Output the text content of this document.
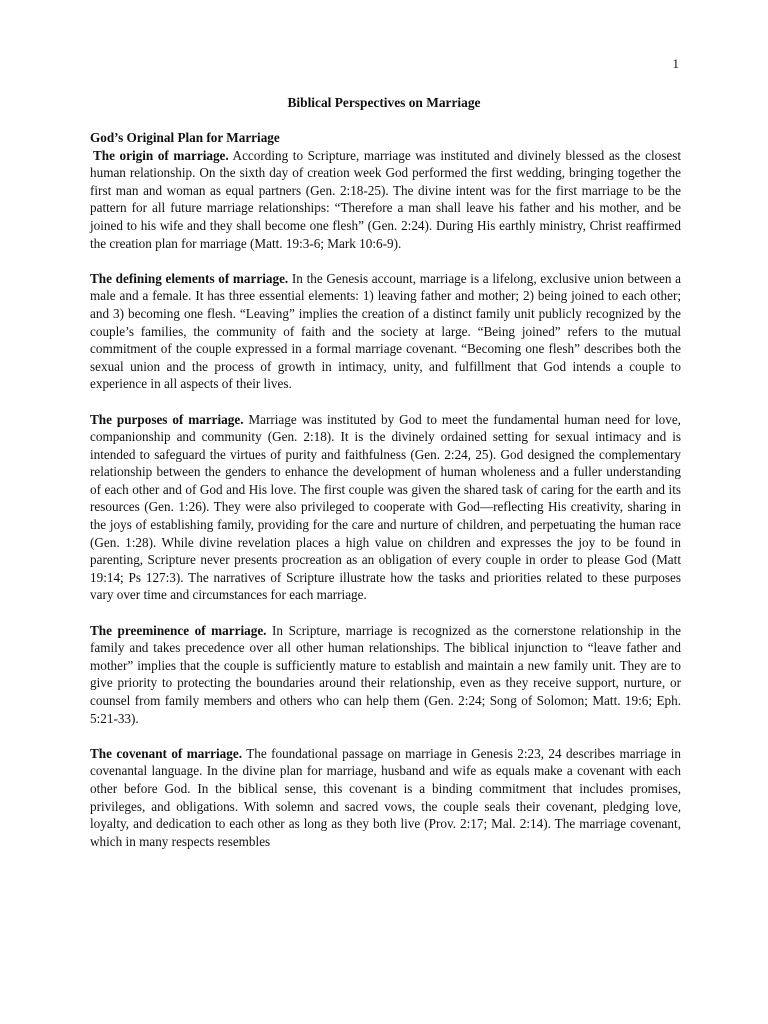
1
Biblical Perspectives on Marriage

God’s Original Plan for Marriage

The origin of marriage. According to Scripture, marriage was instituted and divinely blessed as the closest human relationship. On the sixth day of creation week God performed the first wedding, bringing together the first man and woman as equal partners (Gen. 2:18-25). The divine intent was for the first marriage to be the pattern for all future marriage relationships: “Therefore a man shall leave his father and his mother, and be joined to his wife and they shall become one flesh” (Gen. 2:24). During His earthly ministry, Christ reaffirmed the creation plan for marriage (Matt. 19:3-6; Mark 10:6-9).

The defining elements of marriage. In the Genesis account, marriage is a lifelong, exclusive union between a male and a female. It has three essential elements: 1) leaving father and mother; 2) being joined to each other; and 3) becoming one flesh. “Leaving” implies the creation of a distinct family unit publicly recognized by the couple’s families, the community of faith and the society at large. “Being joined” refers to the mutual commitment of the couple expressed in a formal marriage covenant. “Becoming one flesh” describes both the sexual union and the process of growth in intimacy, unity, and fulfillment that God intends a couple to experience in all aspects of their lives.

The purposes of marriage. Marriage was instituted by God to meet the fundamental human need for love, companionship and community (Gen. 2:18). It is the divinely ordained setting for sexual intimacy and is intended to safeguard the virtues of purity and faithfulness (Gen. 2:24, 25). God designed the complementary relationship between the genders to enhance the development of human wholeness and a fuller understanding of each other and of God and His love. The first couple was given the shared task of caring for the earth and its resources (Gen. 1:26). They were also privileged to cooperate with God—reflecting His creativity, sharing in the joys of establishing family, providing for the care and nurture of children, and perpetuating the human race (Gen. 1:28). While divine revelation places a high value on children and expresses the joy to be found in parenting, Scripture never presents procreation as an obligation of every couple in order to please God (Matt 19:14; Ps 127:3). The narratives of Scripture illustrate how the tasks and priorities related to these purposes vary over time and circumstances for each marriage.

The preeminence of marriage. In Scripture, marriage is recognized as the cornerstone relationship in the family and takes precedence over all other human relationships. The biblical injunction to “leave father and mother” implies that the couple is sufficiently mature to establish and maintain a new family unit. They are to give priority to protecting the boundaries around their relationship, even as they receive support, nurture, or counsel from family members and others who can help them (Gen. 2:24; Song of Solomon; Matt. 19:6; Eph. 5:21-33).

The covenant of marriage. The foundational passage on marriage in Genesis 2:23, 24 describes marriage in covenantal language. In the divine plan for marriage, husband and wife as equals make a covenant with each other before God. In the biblical sense, this covenant is a binding commitment that includes promises, privileges, and obligations. With solemn and sacred vows, the couple seals their covenant, pledging love, loyalty, and dedication to each other as long as they both live (Prov. 2:17; Mal. 2:14). The marriage covenant, which in many respects resembles
